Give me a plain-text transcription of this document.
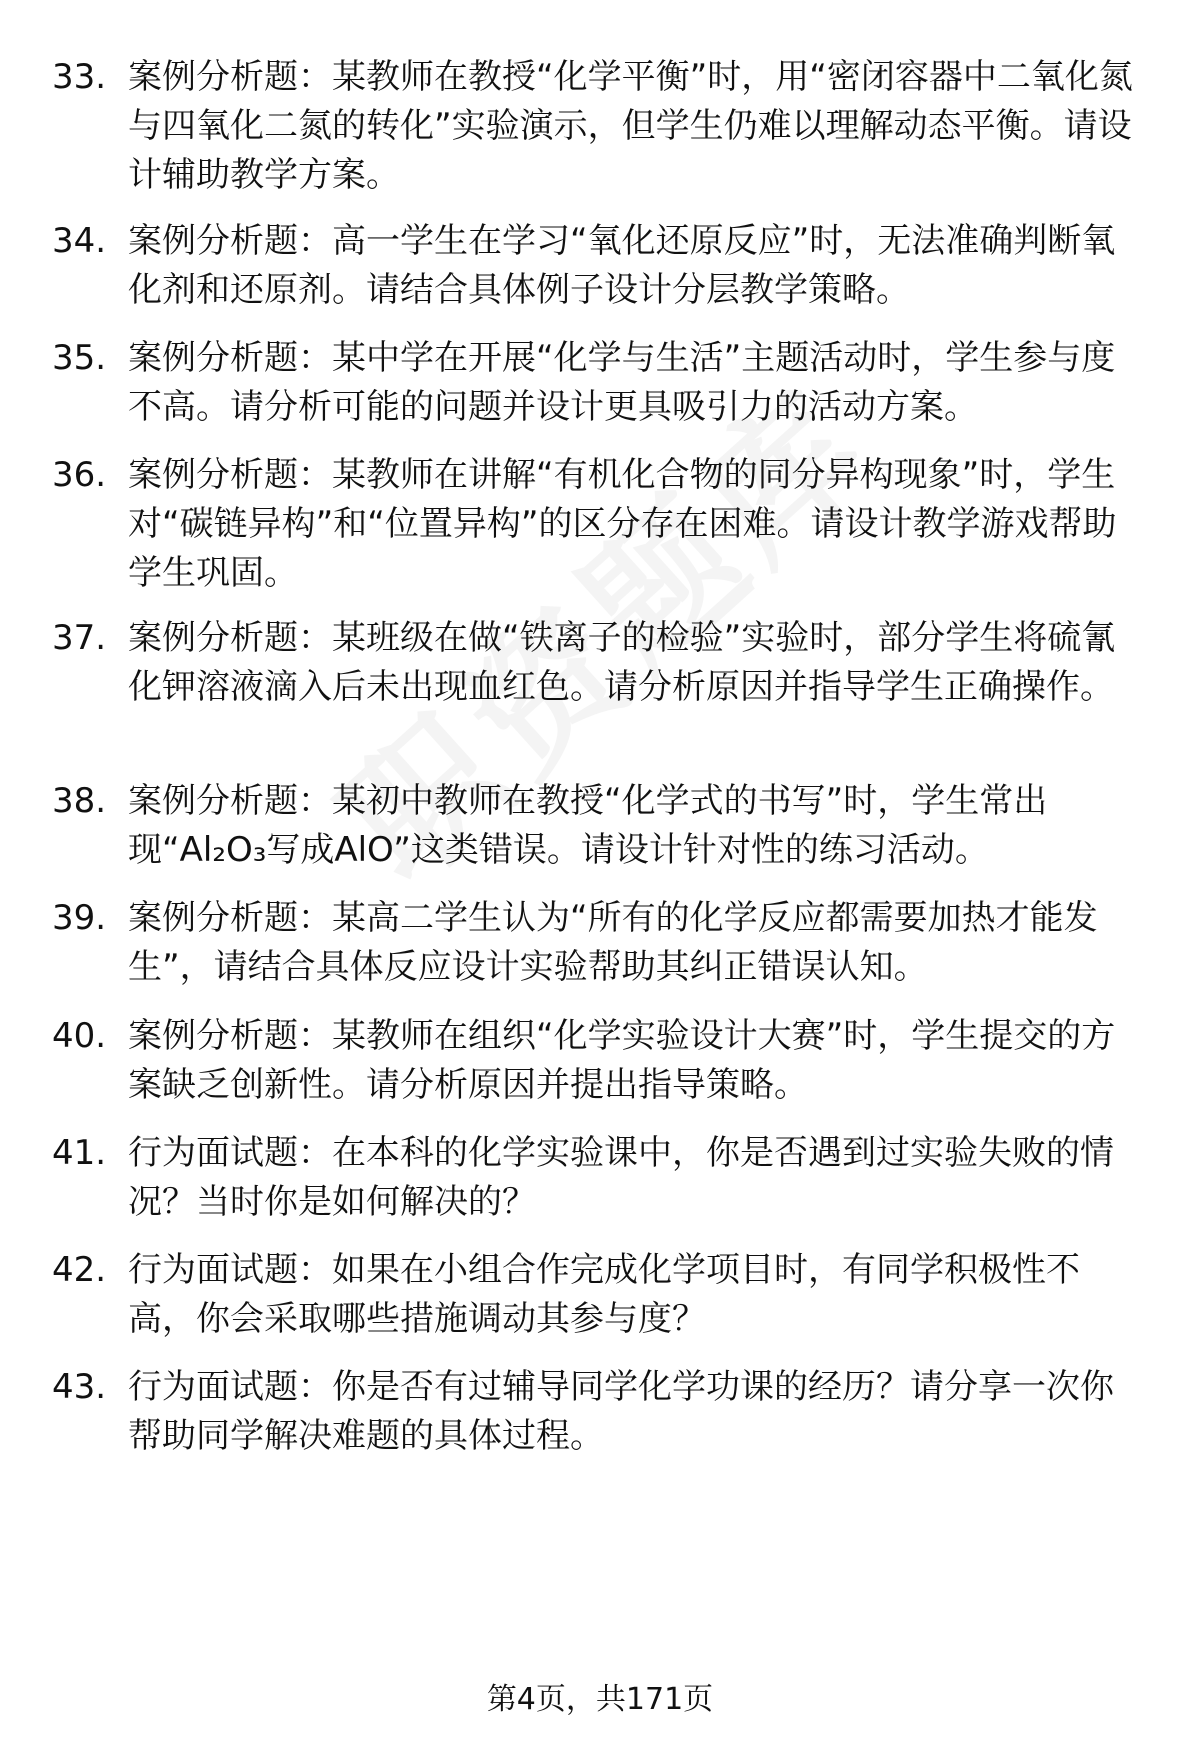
33. 案例分析题：某教师在教授“化学平衡”时，用“密闭容器中二氧化氮与四氧化二氮的转化”实验演示，但学生仍难以理解动态平衡。请设计辅助教学方案。
34. 案例分析题：高一学生在学习“氧化还原反应”时，无法准确判断氧化剂和还原剂。请结合具体例子设计分层教学策略。
35. 案例分析题：某中学在开展“化学与生活”主题活动时，学生参与度不高。请分析可能的问题并设计更具吸引力的活动方案。
36. 案例分析题：某教师在讲解“有机化合物的同分异构现象”时，学生对“碳链异构”和“位置异构”的区分存在困难。请设计教学游戏帮助学生巩固。
37. 案例分析题：某班级在做“铁离子的检验”实验时，部分学生将硫氰化钾溶液滴入后未出现血红色。请分析原因并指导学生正确操作。
38. 案例分析题：某初中教师在教授“化学式的书写”时，学生常出现“Al₂O₃写成AlO”这类错误。请设计针对性的练习活动。
39. 案例分析题：某高二学生认为“所有的化学反应都需要加热才能发生”，请结合具体反应设计实验帮助其纠正错误认知。
40. 案例分析题：某教师在组织“化学实验设计大赛”时，学生提交的方案缺乏创新性。请分析原因并提出指导策略。
41. 行为面试题：在本科的化学实验课中，你是否遇到过实验失败的情况？当时你是如何解决的？
42. 行为面试题：如果在小组合作完成化学项目时，有同学积极性不高，你会采取哪些措施调动其参与度？
43. 行为面试题：你是否有过辅导同学化学功课的经历？请分享一次你帮助同学解决难题的具体过程。
第4页，共171页
